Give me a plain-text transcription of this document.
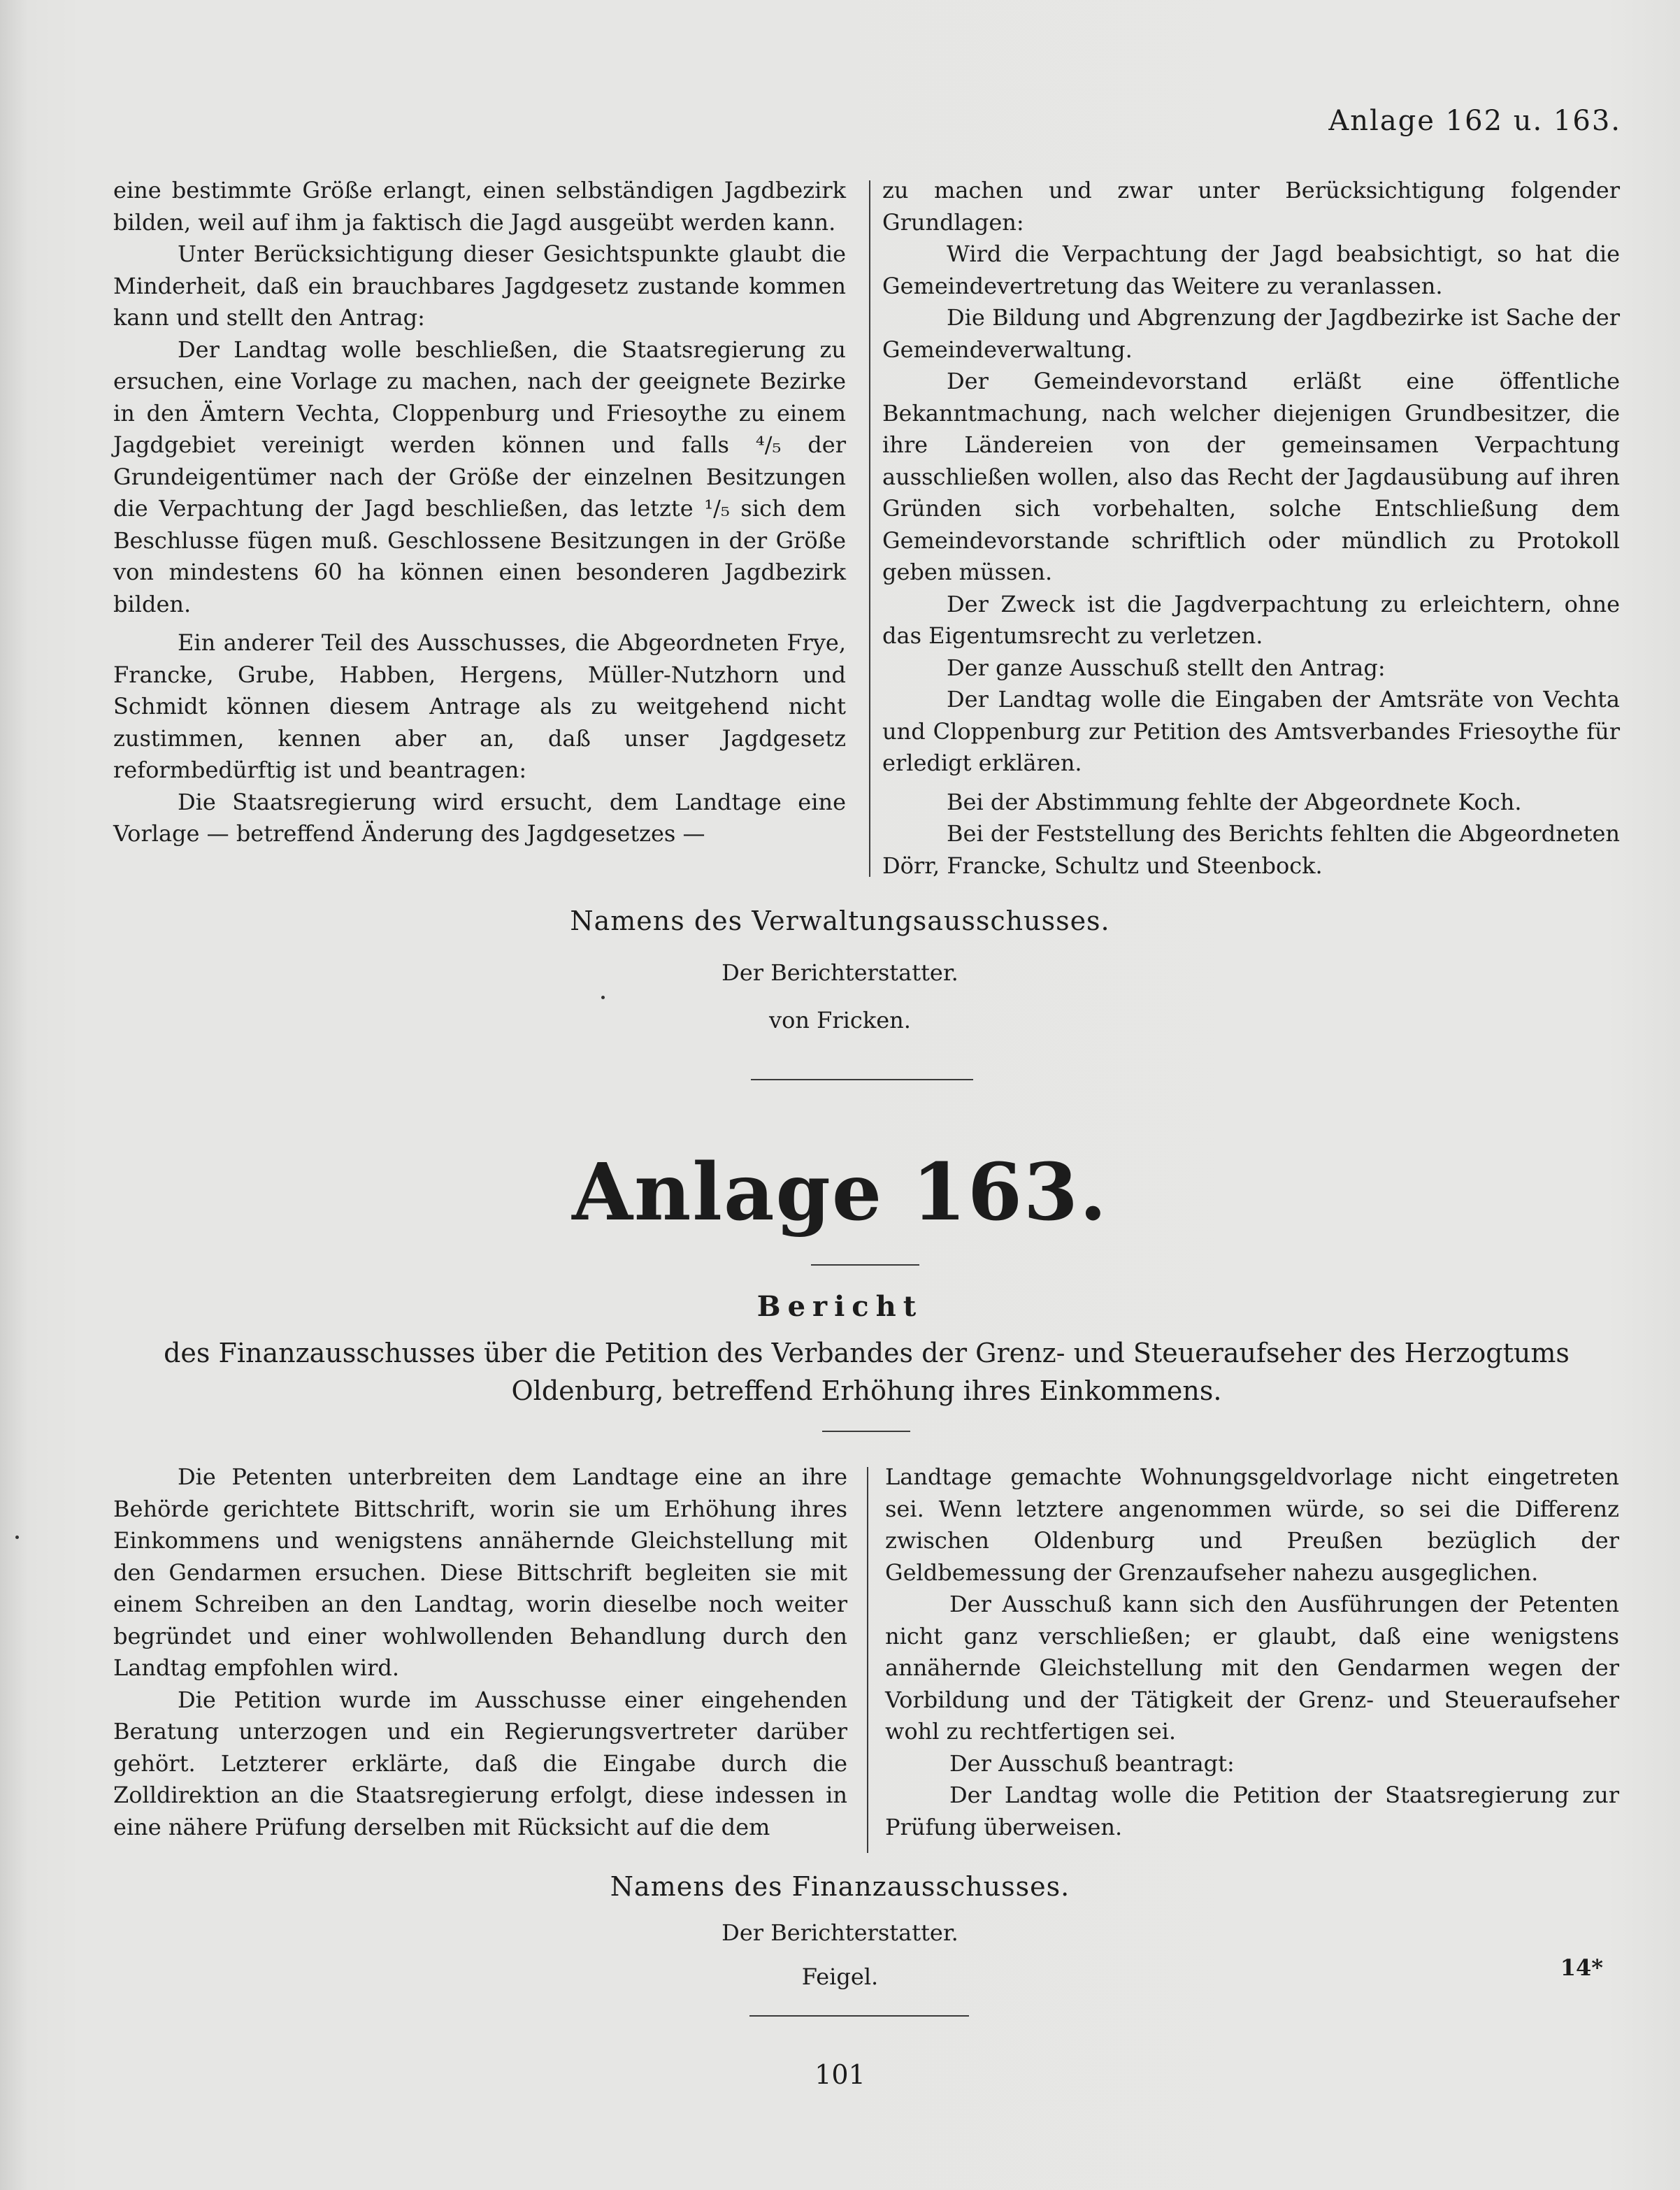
Anlage 162 u. 163.

eine bestimmte Größe erlangt, einen selbständigen Jagdbezirk bilden, weil auf ihm ja faktisch die Jagd ausgeübt werden kann.

Unter Berücksichtigung dieser Gesichtspunkte glaubt die Minderheit, daß ein brauchbares Jagdgesetz zustande kommen kann und stellt den Antrag:

Der Landtag wolle beschließen, die Staatsregierung zu ersuchen, eine Vorlage zu machen, nach der geeignete Bezirke in den Ämtern Vechta, Cloppenburg und Friesoythe zu einem Jagdgebiet vereinigt werden können und falls ⁴/₅ der Grundeigentümer nach der Größe der einzelnen Besitzungen die Verpachtung der Jagd beschließen, das letzte ¹/₅ sich dem Beschlusse fügen muß. Geschlossene Besitzungen in der Größe von mindestens 60 ha können einen besonderen Jagdbezirk bilden.

Ein anderer Teil des Ausschusses, die Abgeordneten Frye, Francke, Grube, Habben, Hergens, Müller-Nutzhorn und Schmidt können diesem Antrage als zu weitgehend nicht zustimmen, kennen aber an, daß unser Jagdgesetz reformbedürftig ist und beantragen:

Die Staatsregierung wird ersucht, dem Landtage eine Vorlage — betreffend Änderung des Jagdgesetzes —

zu machen und zwar unter Berücksichtigung folgender Grundlagen:

Wird die Verpachtung der Jagd beabsichtigt, so hat die Gemeindevertretung das Weitere zu veranlassen.

Die Bildung und Abgrenzung der Jagdbezirke ist Sache der Gemeindeverwaltung.

Der Gemeindevorstand erläßt eine öffentliche Bekanntmachung, nach welcher diejenigen Grundbesitzer, die ihre Ländereien von der gemeinsamen Verpachtung ausschließen wollen, also das Recht der Jagdausübung auf ihren Gründen sich vorbehalten, solche Entschließung dem Gemeindevorstande schriftlich oder mündlich zu Protokoll geben müssen.

Der Zweck ist die Jagdverpachtung zu erleichtern, ohne das Eigentumsrecht zu verletzen.

Der ganze Ausschuß stellt den Antrag:

Der Landtag wolle die Eingaben der Amtsräte von Vechta und Cloppenburg zur Petition des Amtsverbandes Friesoythe für erledigt erklären.

Bei der Abstimmung fehlte der Abgeordnete Koch.

Bei der Feststellung des Berichts fehlten die Abgeordneten Dörr, Francke, Schultz und Steenbock.

Namens des Verwaltungsausschusses.
Der Berichterstatter.
von Fricken.
Anlage 163.
Bericht
des Finanzausschusses über die Petition des Verbandes der Grenz- und Steueraufseher des Herzogtums Oldenburg, betreffend Erhöhung ihres Einkommens.

Die Petenten unterbreiten dem Landtage eine an ihre Behörde gerichtete Bittschrift, worin sie um Erhöhung ihres Einkommens und wenigstens annähernde Gleichstellung mit den Gendarmen ersuchen. Diese Bittschrift begleiten sie mit einem Schreiben an den Landtag, worin dieselbe noch weiter begründet und einer wohlwollenden Behandlung durch den Landtag empfohlen wird.

Die Petition wurde im Ausschusse einer eingehenden Beratung unterzogen und ein Regierungsvertreter darüber gehört. Letzterer erklärte, daß die Eingabe durch die Zolldirektion an die Staatsregierung erfolgt, diese indessen in eine nähere Prüfung derselben mit Rücksicht auf die dem

Landtage gemachte Wohnungsgeldvorlage nicht eingetreten sei. Wenn letztere angenommen würde, so sei die Differenz zwischen Oldenburg und Preußen bezüglich der Geldbemessung der Grenzaufseher nahezu ausgeglichen.

Der Ausschuß kann sich den Ausführungen der Petenten nicht ganz verschließen; er glaubt, daß eine wenigstens annähernde Gleichstellung mit den Gendarmen wegen der Vorbildung und der Tätigkeit der Grenz- und Steueraufseher wohl zu rechtfertigen sei.

Der Ausschuß beantragt:

Der Landtag wolle die Petition der Staatsregierung zur Prüfung überweisen.

Namens des Finanzausschusses.
Der Berichterstatter.
Feigel.	14*
101
